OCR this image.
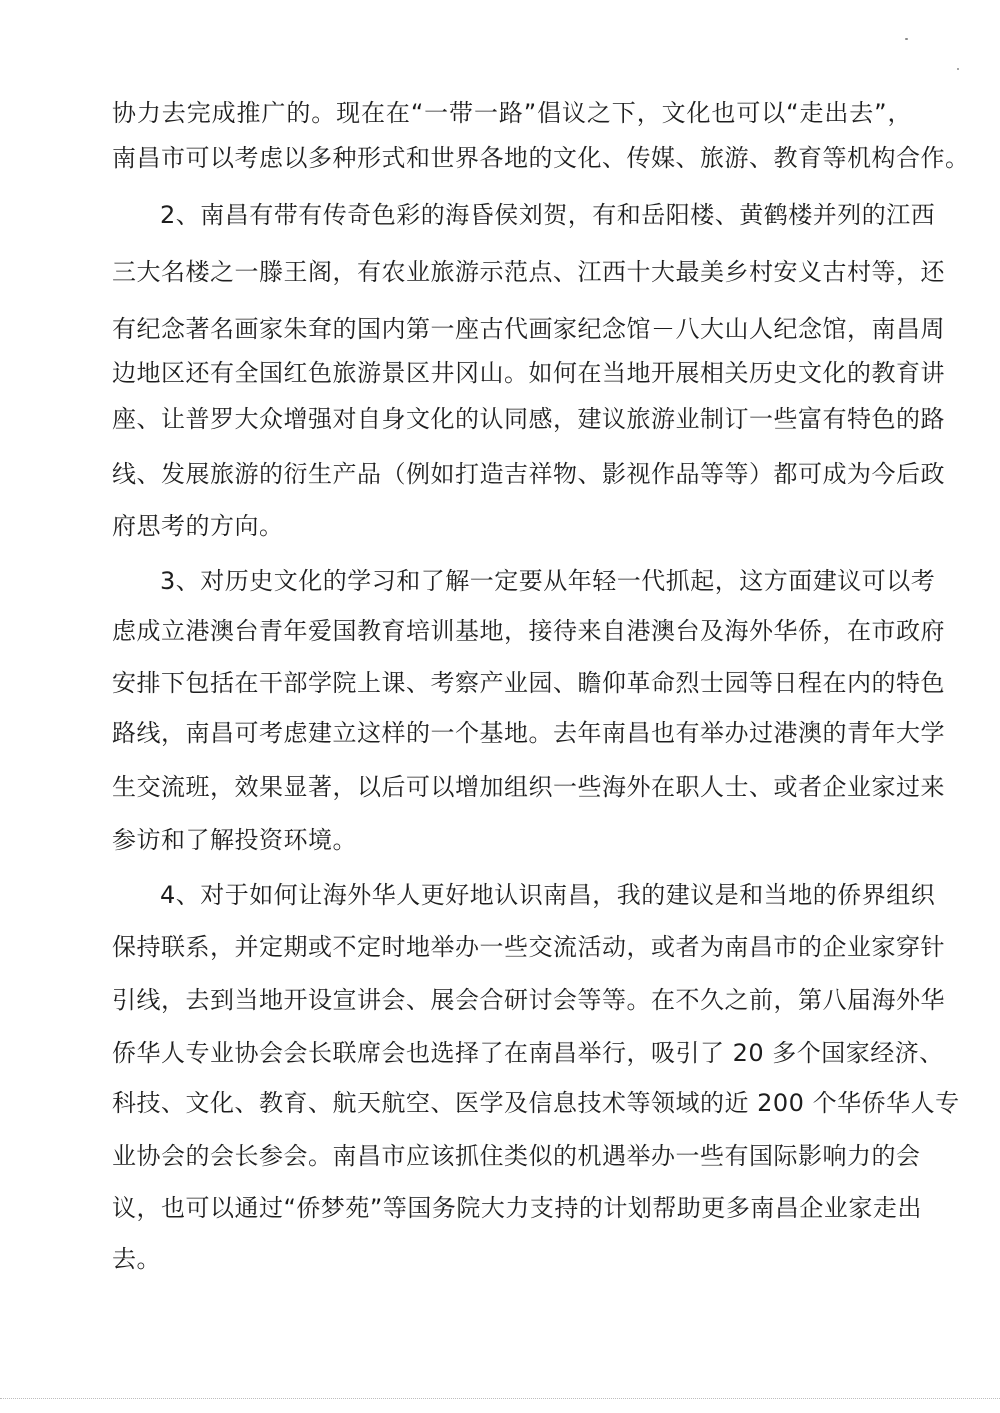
协力去完成推广的。现在在“一带一路”倡议之下，文化也可以“走出去”，
南昌市可以考虑以多种形式和世界各地的文化、传媒、旅游、教育等机构合作。
2、南昌有带有传奇色彩的海昏侯刘贺，有和岳阳楼、黄鹤楼并列的江西
三大名楼之一滕王阁，有农业旅游示范点、江西十大最美乡村安义古村等，还
有纪念著名画家朱耷的国内第一座古代画家纪念馆－八大山人纪念馆，南昌周
边地区还有全国红色旅游景区井冈山。如何在当地开展相关历史文化的教育讲
座、让普罗大众增强对自身文化的认同感，建议旅游业制订一些富有特色的路
线、发展旅游的衍生产品（例如打造吉祥物、影视作品等等）都可成为今后政
府思考的方向。
3、对历史文化的学习和了解一定要从年轻一代抓起，这方面建议可以考
虑成立港澳台青年爱国教育培训基地，接待来自港澳台及海外华侨，在市政府
安排下包括在干部学院上课、考察产业园、瞻仰革命烈士园等日程在内的特色
路线，南昌可考虑建立这样的一个基地。去年南昌也有举办过港澳的青年大学
生交流班，效果显著，以后可以增加组织一些海外在职人士、或者企业家过来
参访和了解投资环境。
4、对于如何让海外华人更好地认识南昌，我的建议是和当地的侨界组织
保持联系，并定期或不定时地举办一些交流活动，或者为南昌市的企业家穿针
引线，去到当地开设宣讲会、展会合研讨会等等。在不久之前，第八届海外华
侨华人专业协会会长联席会也选择了在南昌举行，吸引了 20 多个国家经济、
科技、文化、教育、航天航空、医学及信息技术等领域的近 200 个华侨华人专
业协会的会长参会。南昌市应该抓住类似的机遇举办一些有国际影响力的会
议，也可以通过“侨梦苑”等国务院大力支持的计划帮助更多南昌企业家走出
去。
